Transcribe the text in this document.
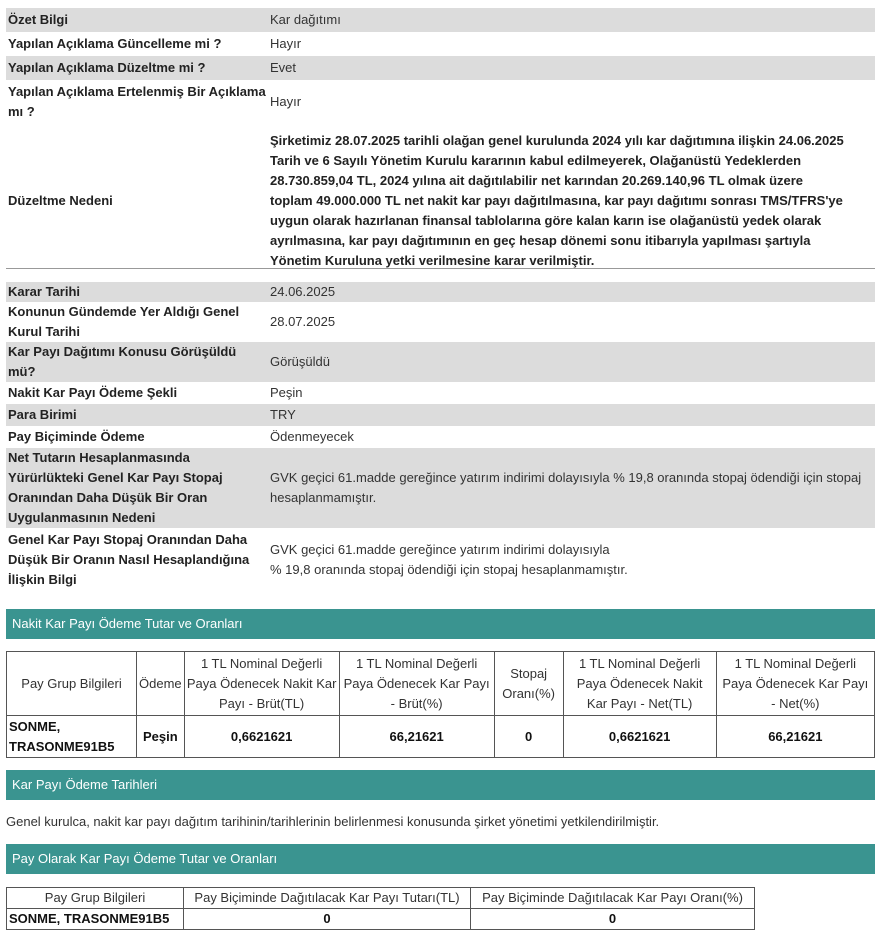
Özet Bilgi	Kar dağıtımı
Yapılan Açıklama Güncelleme mi ?	Hayır
Yapılan Açıklama Düzeltme mi ?	Evet
Yapılan Açıklama Ertelenmiş Bir Açıklama mı ?	Hayır
Düzeltme Nedeni	Şirketimiz 28.07.2025 tarihli olağan genel kurulunda 2024 yılı kar dağıtımına ilişkin 24.06.2025 Tarih ve 6 Sayılı Yönetim Kurulu kararının kabul edilmeyerek, Olağanüstü Yedeklerden 28.730.859,04 TL, 2024 yılına ait dağıtılabilir net karından 20.269.140,96 TL olmak üzere toplam 49.000.000 TL net nakit kar payı dağıtılmasına, kar payı dağıtımı sonrası TMS/TFRS'ye uygun olarak hazırlanan finansal tablolarına göre kalan karın ise olağanüstü yedek olarak ayrılmasına, kar payı dağıtımının en geç hesap dönemi sonu itibarıyla yapılması şartıyla Yönetim Kuruluna yetki verilmesine karar verilmiştir.
Karar Tarihi	24.06.2025
Konunun Gündemde Yer Aldığı Genel Kurul Tarihi	28.07.2025
Kar Payı Dağıtımı Konusu Görüşüldü mü?	Görüşüldü
Nakit Kar Payı Ödeme Şekli	Peşin
Para Birimi	TRY
Pay Biçiminde Ödeme	Ödenmeyecek
Net Tutarın Hesaplanmasında Yürürlükteki Genel Kar Payı Stopaj Oranından Daha Düşük Bir Oran Uygulanmasının Nedeni	GVK geçici 61.madde gereğince yatırım indirimi dolayısıyla % 19,8 oranında stopaj ödendiği için stopaj hesaplanmamıştır.
Genel Kar Payı Stopaj Oranından Daha Düşük Bir Oranın Nasıl Hesaplandığına İlişkin Bilgi	GVK geçici 61.madde gereğince yatırım indirimi dolayısıyla
% 19,8 oranında stopaj ödendiği için stopaj hesaplanmamıştır.
Nakit Kar Payı Ödeme Tutar ve Oranları
Pay Grup Bilgileri	Ödeme	1 TL Nominal Değerli Paya Ödenecek Nakit Kar Payı - Brüt(TL)	1 TL Nominal Değerli Paya Ödenecek Kar Payı - Brüt(%)	Stopaj Oranı(%)	1 TL Nominal Değerli Paya Ödenecek Nakit Kar Payı - Net(TL)	1 TL Nominal Değerli Paya Ödenecek Kar Payı - Net(%)
SONME, TRASONME91B5	Peşin	0,6621621	66,21621	0	0,6621621	66,21621
Kar Payı Ödeme Tarihleri
Genel kurulca, nakit kar payı dağıtım tarihinin/tarihlerinin belirlenmesi konusunda şirket yönetimi yetkilendirilmiştir.
Pay Olarak Kar Payı Ödeme Tutar ve Oranları
Pay Grup Bilgileri	Pay Biçiminde Dağıtılacak Kar Payı Tutarı(TL)	Pay Biçiminde Dağıtılacak Kar Payı Oranı(%)
SONME, TRASONME91B5	0	0
